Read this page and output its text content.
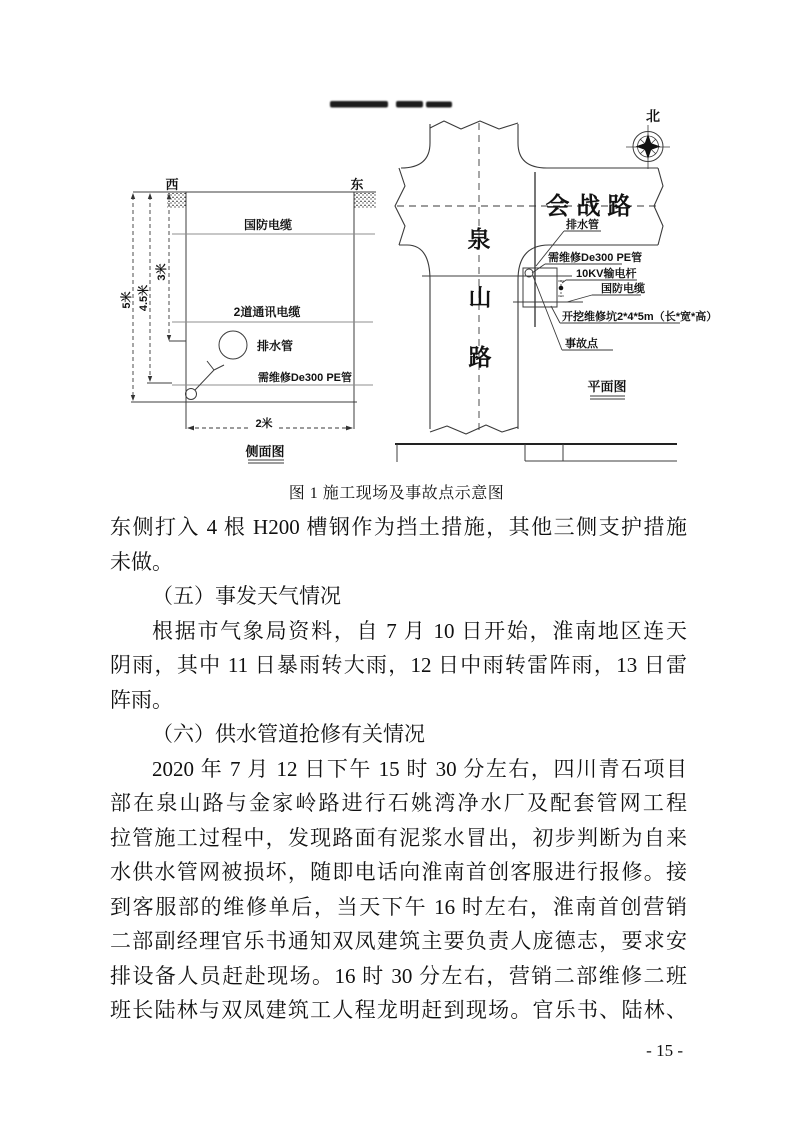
西	东
国防电缆
2道通讯电缆
排水管
需维修De300 PE管
5米 4.5米
3米
2米
侧面图
北
会战路
泉
山
路
排水管
需维修De300 PE管
10KV输电杆
国防电缆
开挖维修坑2*4*5m（长*宽*高）
事故点
平面图
图 1 施工现场及事故点示意图
东侧打入 4 根 H200 槽钢作为挡土措施，其他三侧支护措施
未做。
（五）事发天气情况
根据市气象局资料，自 7 月 10 日开始，淮南地区连天
阴雨，其中 11 日暴雨转大雨，12 日中雨转雷阵雨，13 日雷
阵雨。
（六）供水管道抢修有关情况
2020 年 7 月 12 日下午 15 时 30 分左右，四川青石项目
部在泉山路与金家岭路进行石姚湾净水厂及配套管网工程
拉管施工过程中，发现路面有泥浆水冒出，初步判断为自来
水供水管网被损坏，随即电话向淮南首创客服进行报修。接
到客服部的维修单后，当天下午 16 时左右，淮南首创营销
二部副经理官乐书通知双凤建筑主要负责人庞德志，要求安
排设备人员赶赴现场。16 时 30 分左右，营销二部维修二班
班长陆林与双凤建筑工人程龙明赶到现场。官乐书、陆林、
- 15 -
